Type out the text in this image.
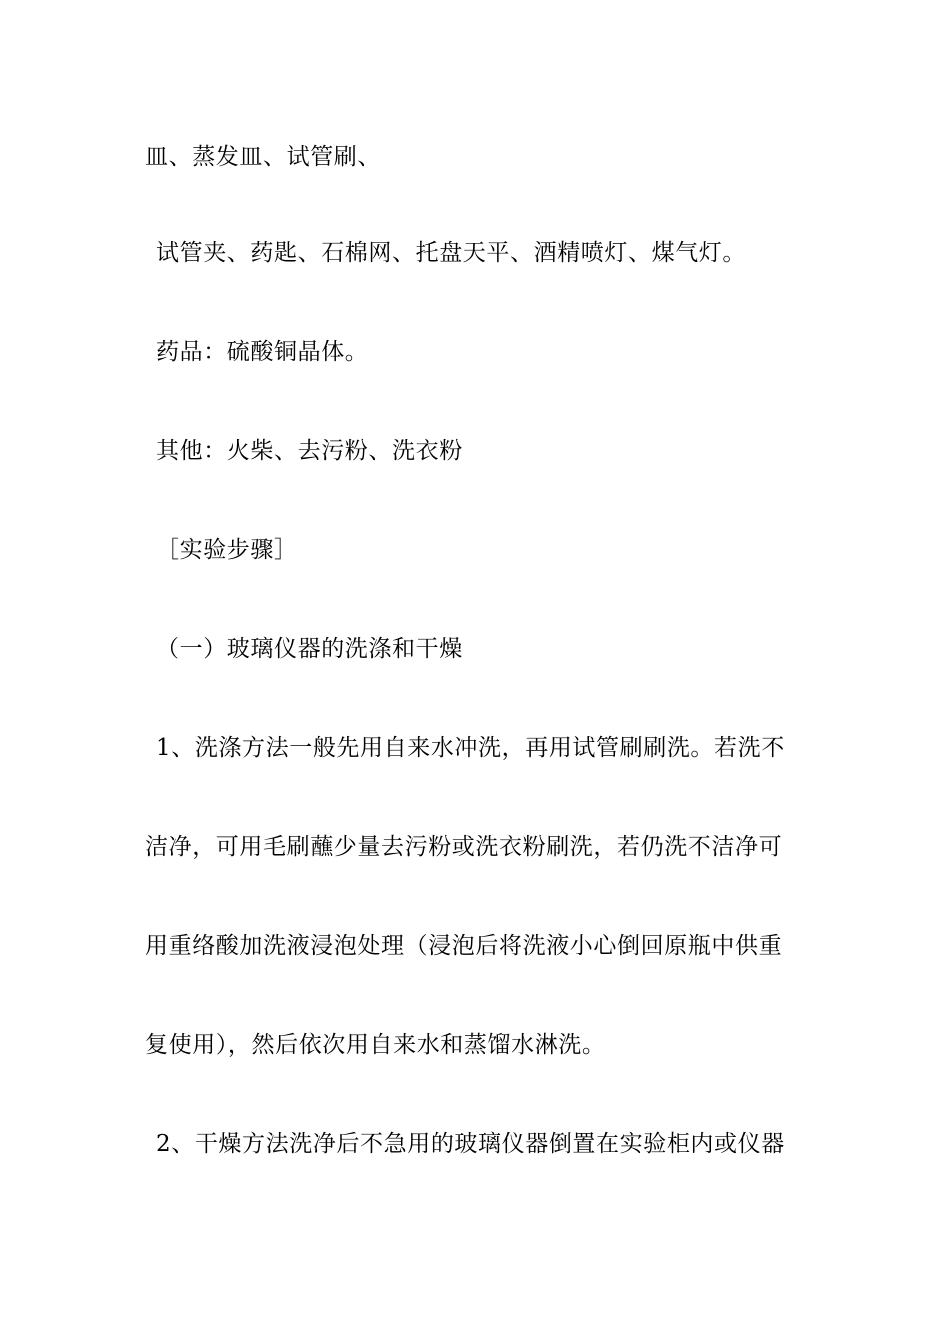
皿、蒸发皿、试管刷、
试管夹、药匙、石棉网、托盘天平、酒精喷灯、煤气灯。
药品：硫酸铜晶体。
其他：火柴、去污粉、洗衣粉
［实验步骤］
（一）玻璃仪器的洗涤和干燥
1、洗涤方法一般先用自来水冲洗，再用试管刷刷洗。若洗不
洁净，可用毛刷蘸少量去污粉或洗衣粉刷洗，若仍洗不洁净可
用重络酸加洗液浸泡处理（浸泡后将洗液小心倒回原瓶中供重
复使用），然后依次用自来水和蒸馏水淋洗。
2、干燥方法洗净后不急用的玻璃仪器倒置在实验柜内或仪器
